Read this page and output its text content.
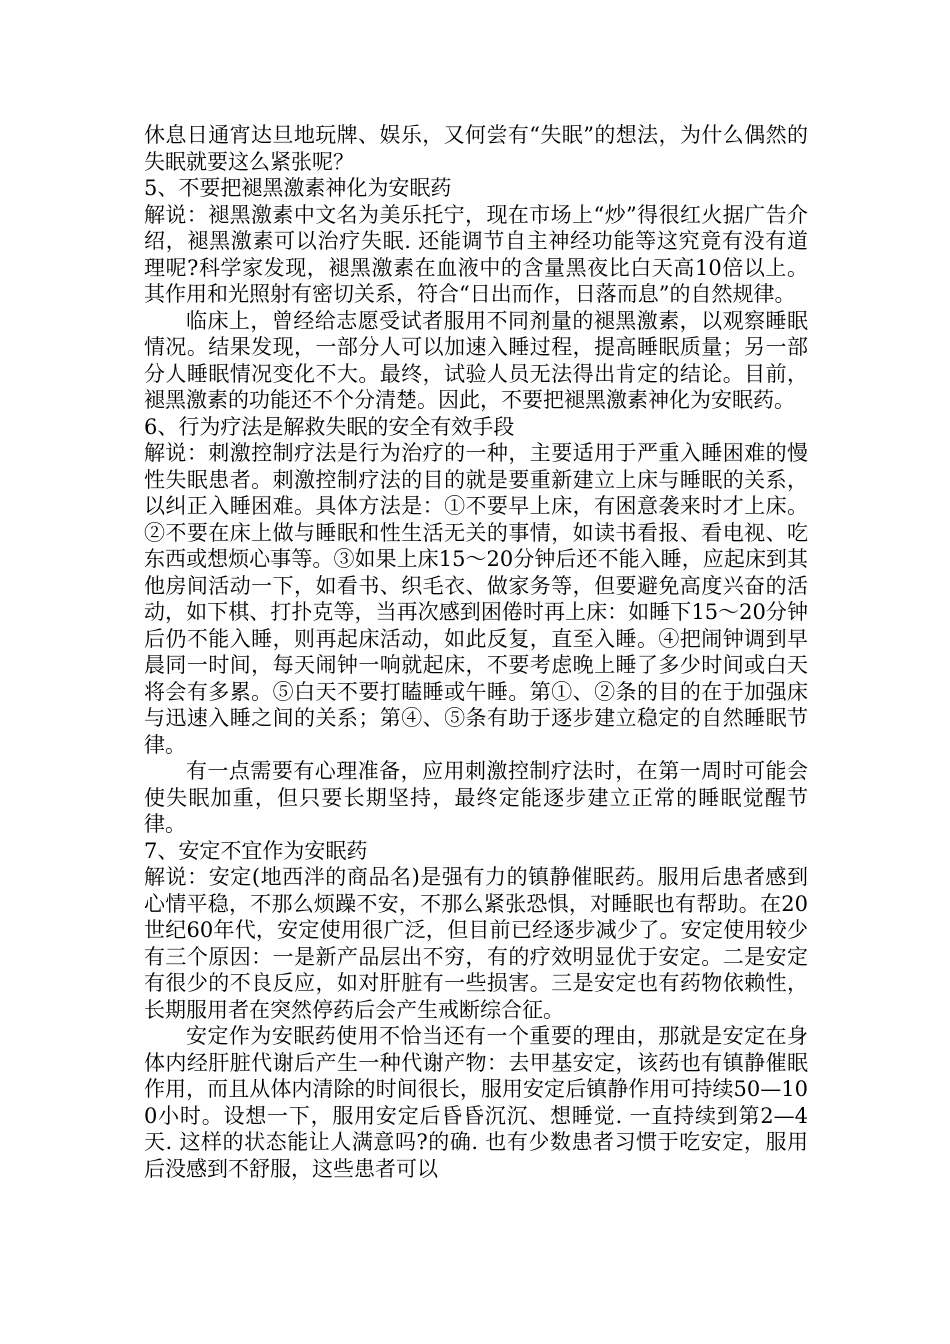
休息日通宵达旦地玩牌、娱乐，又何尝有“失眠”的想法，为什么偶然的失眠就要这么紧张呢？

5、不要把褪黑激素神化为安眠药

解说：褪黑激素中文名为美乐托宁，现在市场上“炒”得很红火据广告介绍，褪黑激素可以治疗失眠. 还能调节自主神经功能等这究竟有没有道理呢?科学家发现，褪黑激素在血液中的含量黑夜比白天高10倍以上。其作用和光照射有密切关系，符合“日出而作，日落而息”的自然规律。

临床上，曾经给志愿受试者服用不同剂量的褪黑激素，以观察睡眠情况。结果发现，一部分人可以加速入睡过程，提高睡眠质量；另一部分人睡眠情况变化不大。最终，试验人员无法得出肯定的结论。目前，褪黑激素的功能还不个分清楚。因此，不要把褪黑激素神化为安眠药。

6、行为疗法是解救失眠的安全有效手段

解说：刺激控制疗法是行为治疗的一种，主要适用于严重入睡困难的慢性失眠患者。刺激控制疗法的目的就是要重新建立上床与睡眠的关系，以纠正入睡困难。具体方法是：①不要早上床，有困意袭来时才上床。②不要在床上做与睡眠和性生活无关的事情，如读书看报、看电视、吃东西或想烦心事等。③如果上床15～20分钟后还不能入睡，应起床到其他房间活动一下，如看书、织毛衣、做家务等，但要避免高度兴奋的活动，如下棋、打扑克等，当再次感到困倦时再上床：如睡下15～20分钟后仍不能入睡，则再起床活动，如此反复，直至入睡。④把闹钟调到早晨同一时间，每天闹钟一响就起床，不要考虑晚上睡了多少时间或白天将会有多累。⑤白天不要打瞌睡或午睡。第①、②条的目的在于加强床与迅速入睡之间的关系；第④、⑤条有助于逐步建立稳定的自然睡眠节律。

有一点需要有心理准备，应用刺激控制疗法时，在第一周时可能会使失眠加重，但只要长期坚持，最终定能逐步建立正常的睡眠觉醒节律。

7、安定不宜作为安眠药

解说：安定(地西泮的商品名)是强有力的镇静催眠药。服用后患者感到心情平稳，不那么烦躁不安，不那么紧张恐惧，对睡眠也有帮助。在20世纪60年代，安定使用很广泛，但目前已经逐步减少了。安定使用较少有三个原因：一是新产品层出不穷，有的疗效明显优于安定。二是安定有很少的不良反应，如对肝脏有一些损害。三是安定也有药物依赖性，长期服用者在突然停药后会产生戒断综合征。

安定作为安眠药使用不恰当还有一个重要的理由，那就是安定在身体内经肝脏代谢后产生一种代谢产物：去甲基安定，该药也有镇静催眠作用，而且从体内清除的时间很长，服用安定后镇静作用可持续50—100小时。设想一下，服用安定后昏昏沉沉、想睡觉. 一直持续到第2—4天. 这样的状态能让人满意吗?的确. 也有少数患者习惯于吃安定，服用后没感到不舒服，这些患者可以
